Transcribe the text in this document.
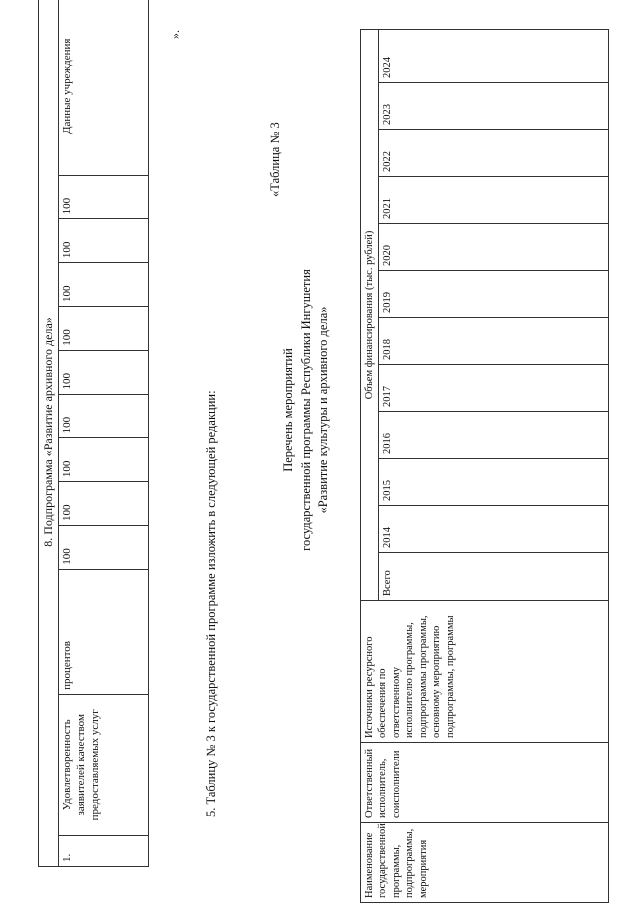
8. Подпрограмма «Развитие архивного дела»
1.	Удовлетворенность заявителей качеством предоставляемых услуг	процентов	100	100	100	100	100	100	100	100	100	Данные учреждения
».
5. Таблицу № 3 к государственной программе изложить в следующей редакции:
«Таблица № 3
Перечень мероприятий государственной программы Республики Ингушетия «Развитие культуры и архивного дела»
Наименование государственной программы, подпрограммы, мероприятия	Ответственный исполнитель, соисполнители	Источники ресурсного обеспечения по ответственному исполнителю программы, подпрограммы программы, основному мероприятию подпрограммы, программы	Объем финансирования (тыс. рублей)											
			Всего	2014	2015	2016	2017	2018	2019	2020	2021	2022	2023	2024
